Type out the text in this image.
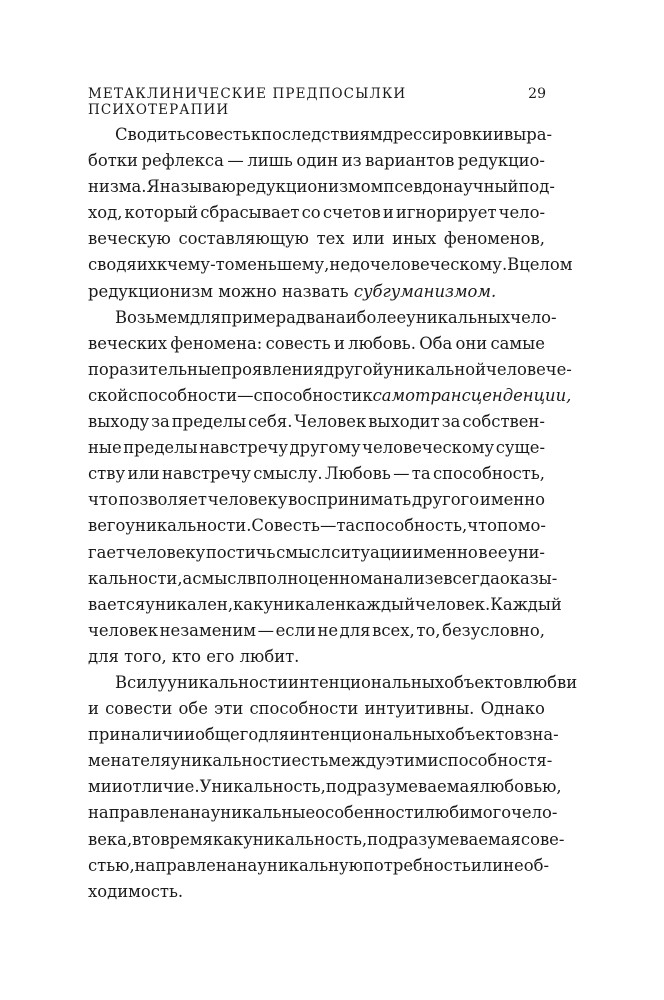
МЕТАКЛИНИЧЕСКИЕ ПРЕДПОСЫЛКИ ПСИХОТЕРАПИИ
29
Сводить совесть к последствиям дрессировки и выра-
ботки рефлекса — лишь один из вариантов редукцио-
низма. Я называю редукционизмом псевдонаучный под-
ход, который сбрасывает со счетов и игнорирует чело-
веческую составляющую тех или иных феноменов,
сводя их к чему-то меньшему, недочеловеческому. В целом
редукционизм можно назвать субгуманизмом.
Возьмем для примера два наиболее уникальных чело-
веческих феномена: совесть и любовь. Оба они самые
поразительные проявления другой уникальной человече-
ской способности — способности к самотрансценденции,
выходу за пределы себя. Человек выходит за собствен-
ные пределы навстречу другому человеческому суще-
ству или навстречу смыслу. Любовь — та способность,
что позволяет человеку воспринимать другого именно
в его уникальности. Совесть — та способность, что помо-
гает человеку постичь смысл ситуации именно в ее уни-
кальности, а смысл в полноценном анализе всегда оказы-
вается уникален, как уникален каждый человек. Каждый
человек незаменим — если не для всех, то, безусловно,
для того, кто его любит.
В силу уникальности интенциональных объектов любви
и совести обе эти способности интуитивны. Однако
при наличии общего для интенциональных объектов зна-
менателя уникальности есть между этими способностя-
ми и отличие. Уникальность, подразумеваемая любовью,
направлена на уникальные особенности любимого чело-
века, в то время как уникальность, подразумеваемая сове-
стью, направлена на уникальную потребность или необ-
ходимость.
